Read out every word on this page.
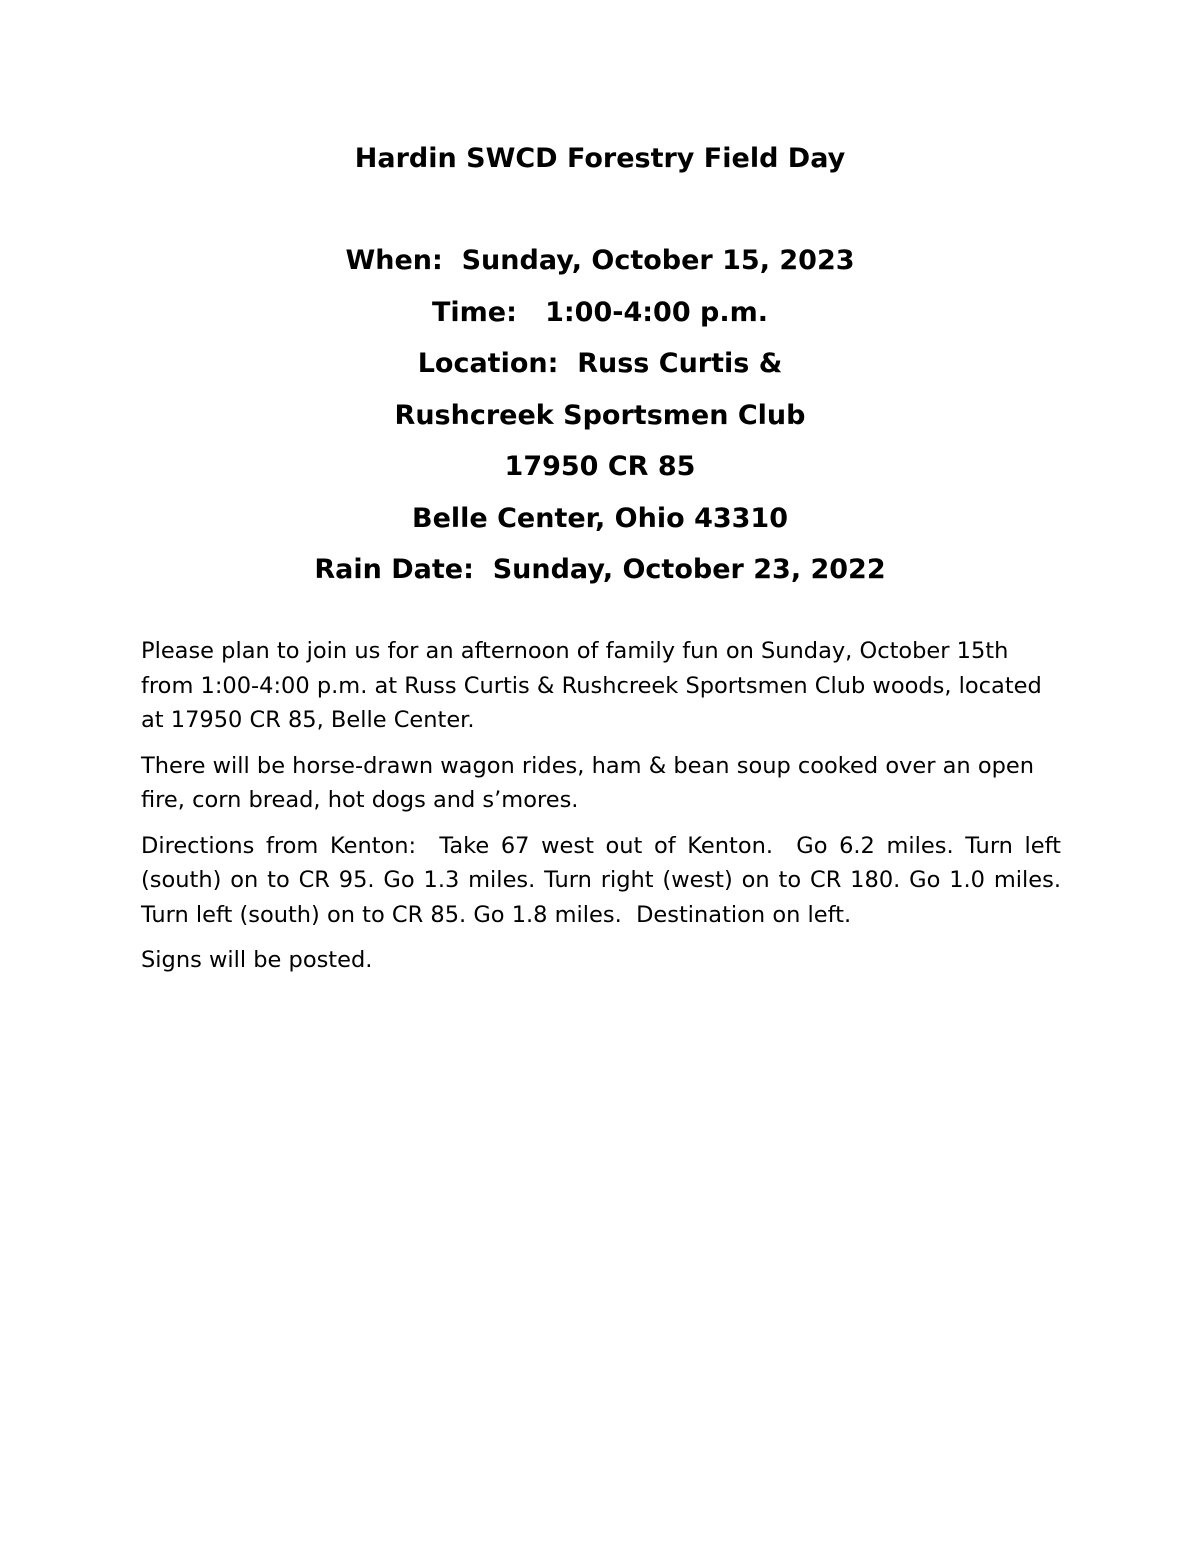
Hardin SWCD Forestry Field Day
When:  Sunday, October 15, 2023
Time:   1:00-4:00 p.m.
Location:  Russ Curtis &
Rushcreek Sportsmen Club
17950 CR 85
Belle Center, Ohio 43310
Rain Date:  Sunday, October 23, 2022

Please plan to join us for an afternoon of family fun on Sunday, October 15th from 1:00-4:00 p.m. at Russ Curtis & Rushcreek Sportsmen Club woods, located at 17950 CR 85, Belle Center.

There will be horse-drawn wagon rides, ham & bean soup cooked over an open fire, corn bread, hot dogs and s’mores.

Directions from Kenton:  Take 67 west out of Kenton.  Go 6.2 miles. Turn left (south) on to CR 95. Go 1.3 miles. Turn right (west) on to CR 180. Go 1.0 miles. Turn left (south) on to CR 85. Go 1.8 miles.  Destination on left.

Signs will be posted.
